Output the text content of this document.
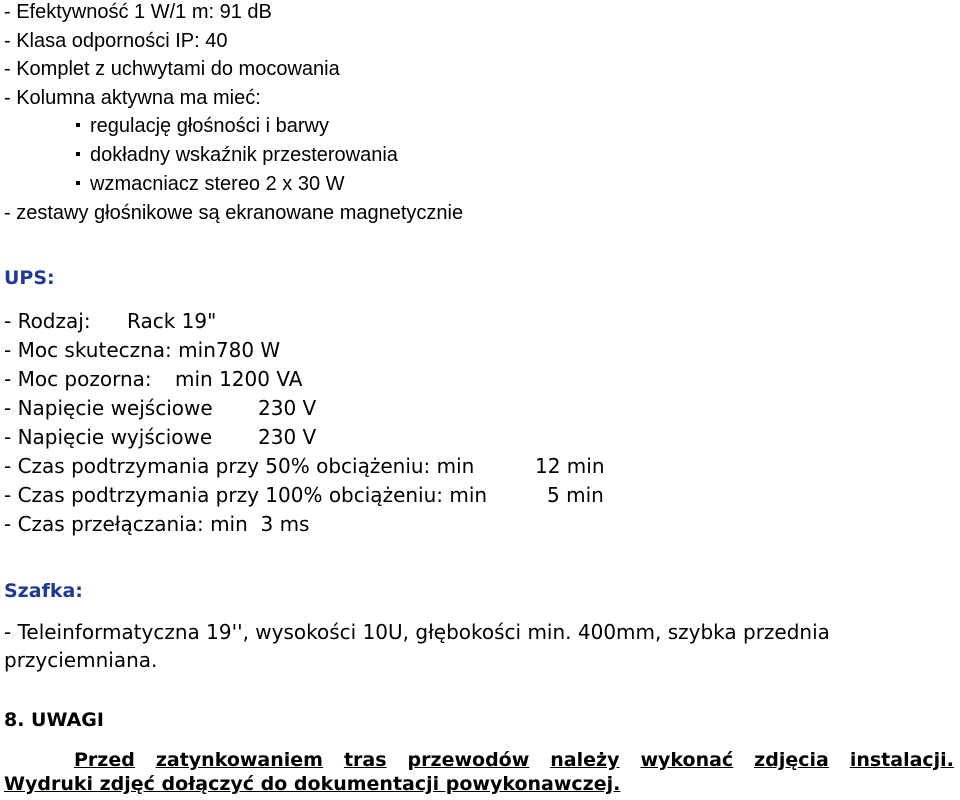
- Efektywność 1 W/1 m: 91 dB
- Klasa odporności IP: 40
- Komplet z uchwytami do mocowania
- Kolumna aktywna ma mieć:
regulację głośności i barwy
dokładny wskaźnik przesterowania
wzmacniacz stereo 2 x 30 W
- zestawy głośnikowe są ekranowane magnetycznie
UPS:
- Rodzaj: Rack 19"
- Moc skuteczna: min780 W
- Moc pozorna: min 1200 VA
- Napięcie wejściowe 230 V
- Napięcie wyjściowe 230 V
- Czas podtrzymania przy 50% obciążeniu: min	12 min
- Czas podtrzymania przy 100% obciążeniu: min	5 min
- Czas przełączania: min  3 ms
Szafka:
- Teleinformatyczna 19'', wysokości 10U, głębokości min. 400mm, szybka przednia
przyciemniana.
8. UWAGI
Przed zatynkowaniem tras przewodów należy wykonać zdjęcia instalacji.
Wydruki zdjęć dołączyć do dokumentacji powykonawczej.
